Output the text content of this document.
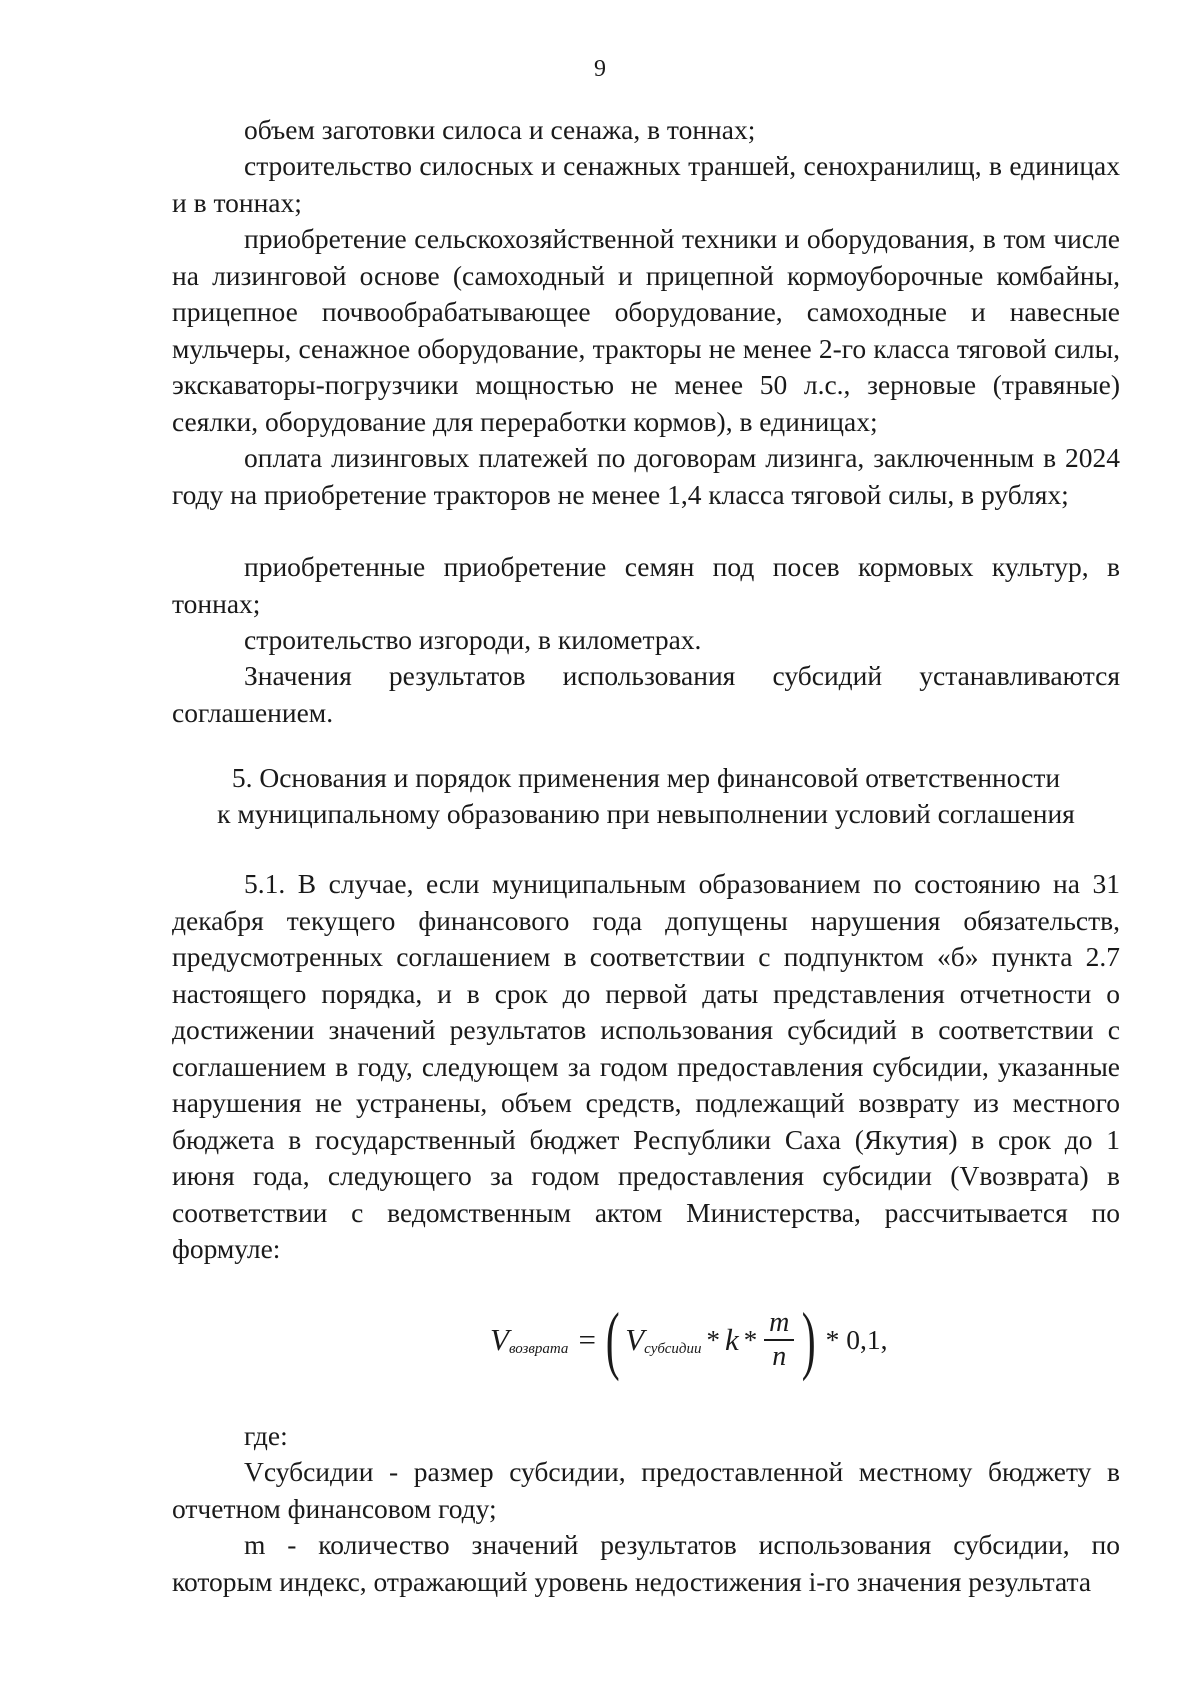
9

объем заготовки силоса и сенажа, в тоннах;

строительство силосных и сенажных траншей, сенохранилищ, в единицах и в тоннах;

приобретение сельскохозяйственной техники и оборудования, в том числе на лизинговой основе (самоходный и прицепной кормоуборочные комбайны, прицепное почвообрабатывающее оборудование, самоходные и навесные мульчеры, сенажное оборудование, тракторы не менее 2-го класса тяговой силы, экскаваторы-погрузчики мощностью не менее 50 л.с., зерновые (травяные) сеялки, оборудование для переработки кормов), в единицах;

оплата лизинговых платежей по договорам лизинга, заключенным в 2024 году на приобретение тракторов не менее 1,4 класса тяговой силы, в рублях;

приобретенные приобретение семян под посев кормовых культур, в тоннах;

строительство изгороди, в километрах.

Значения результатов использования субсидий устанавливаются соглашением.

5. Основания и порядок применения мер финансовой ответственности
к муниципальному образованию при невыполнении условий соглашения

5.1. В случае, если муниципальным образованием по состоянию на 31 декабря текущего финансового года допущены нарушения обязательств, предусмотренных соглашением в соответствии с подпунктом «б» пункта 2.7 настоящего порядка, и в срок до первой даты представления отчетности о достижении значений результатов использования субсидий в соответствии с соглашением в году, следующем за годом предоставления субсидии, указанные нарушения не устранены, объем средств, подлежащий возврату из местного бюджета в государственный бюджет Республики Саха (Якутия) в срок до 1 июня года, следующего за годом предоставления субсидии (Vвозврата) в соответствии с ведомственным актом Министерства, рассчитывается по формуле:

V возврата = ( V субсидии * k * $\frac{m}{n}$ ) * 0,1,

где:

Vсубсидии - размер субсидии, предоставленной местному бюджету в отчетном финансовом году;

m - количество значений результатов использования субсидии, по которым индекс, отражающий уровень недостижения i-го значения результата
